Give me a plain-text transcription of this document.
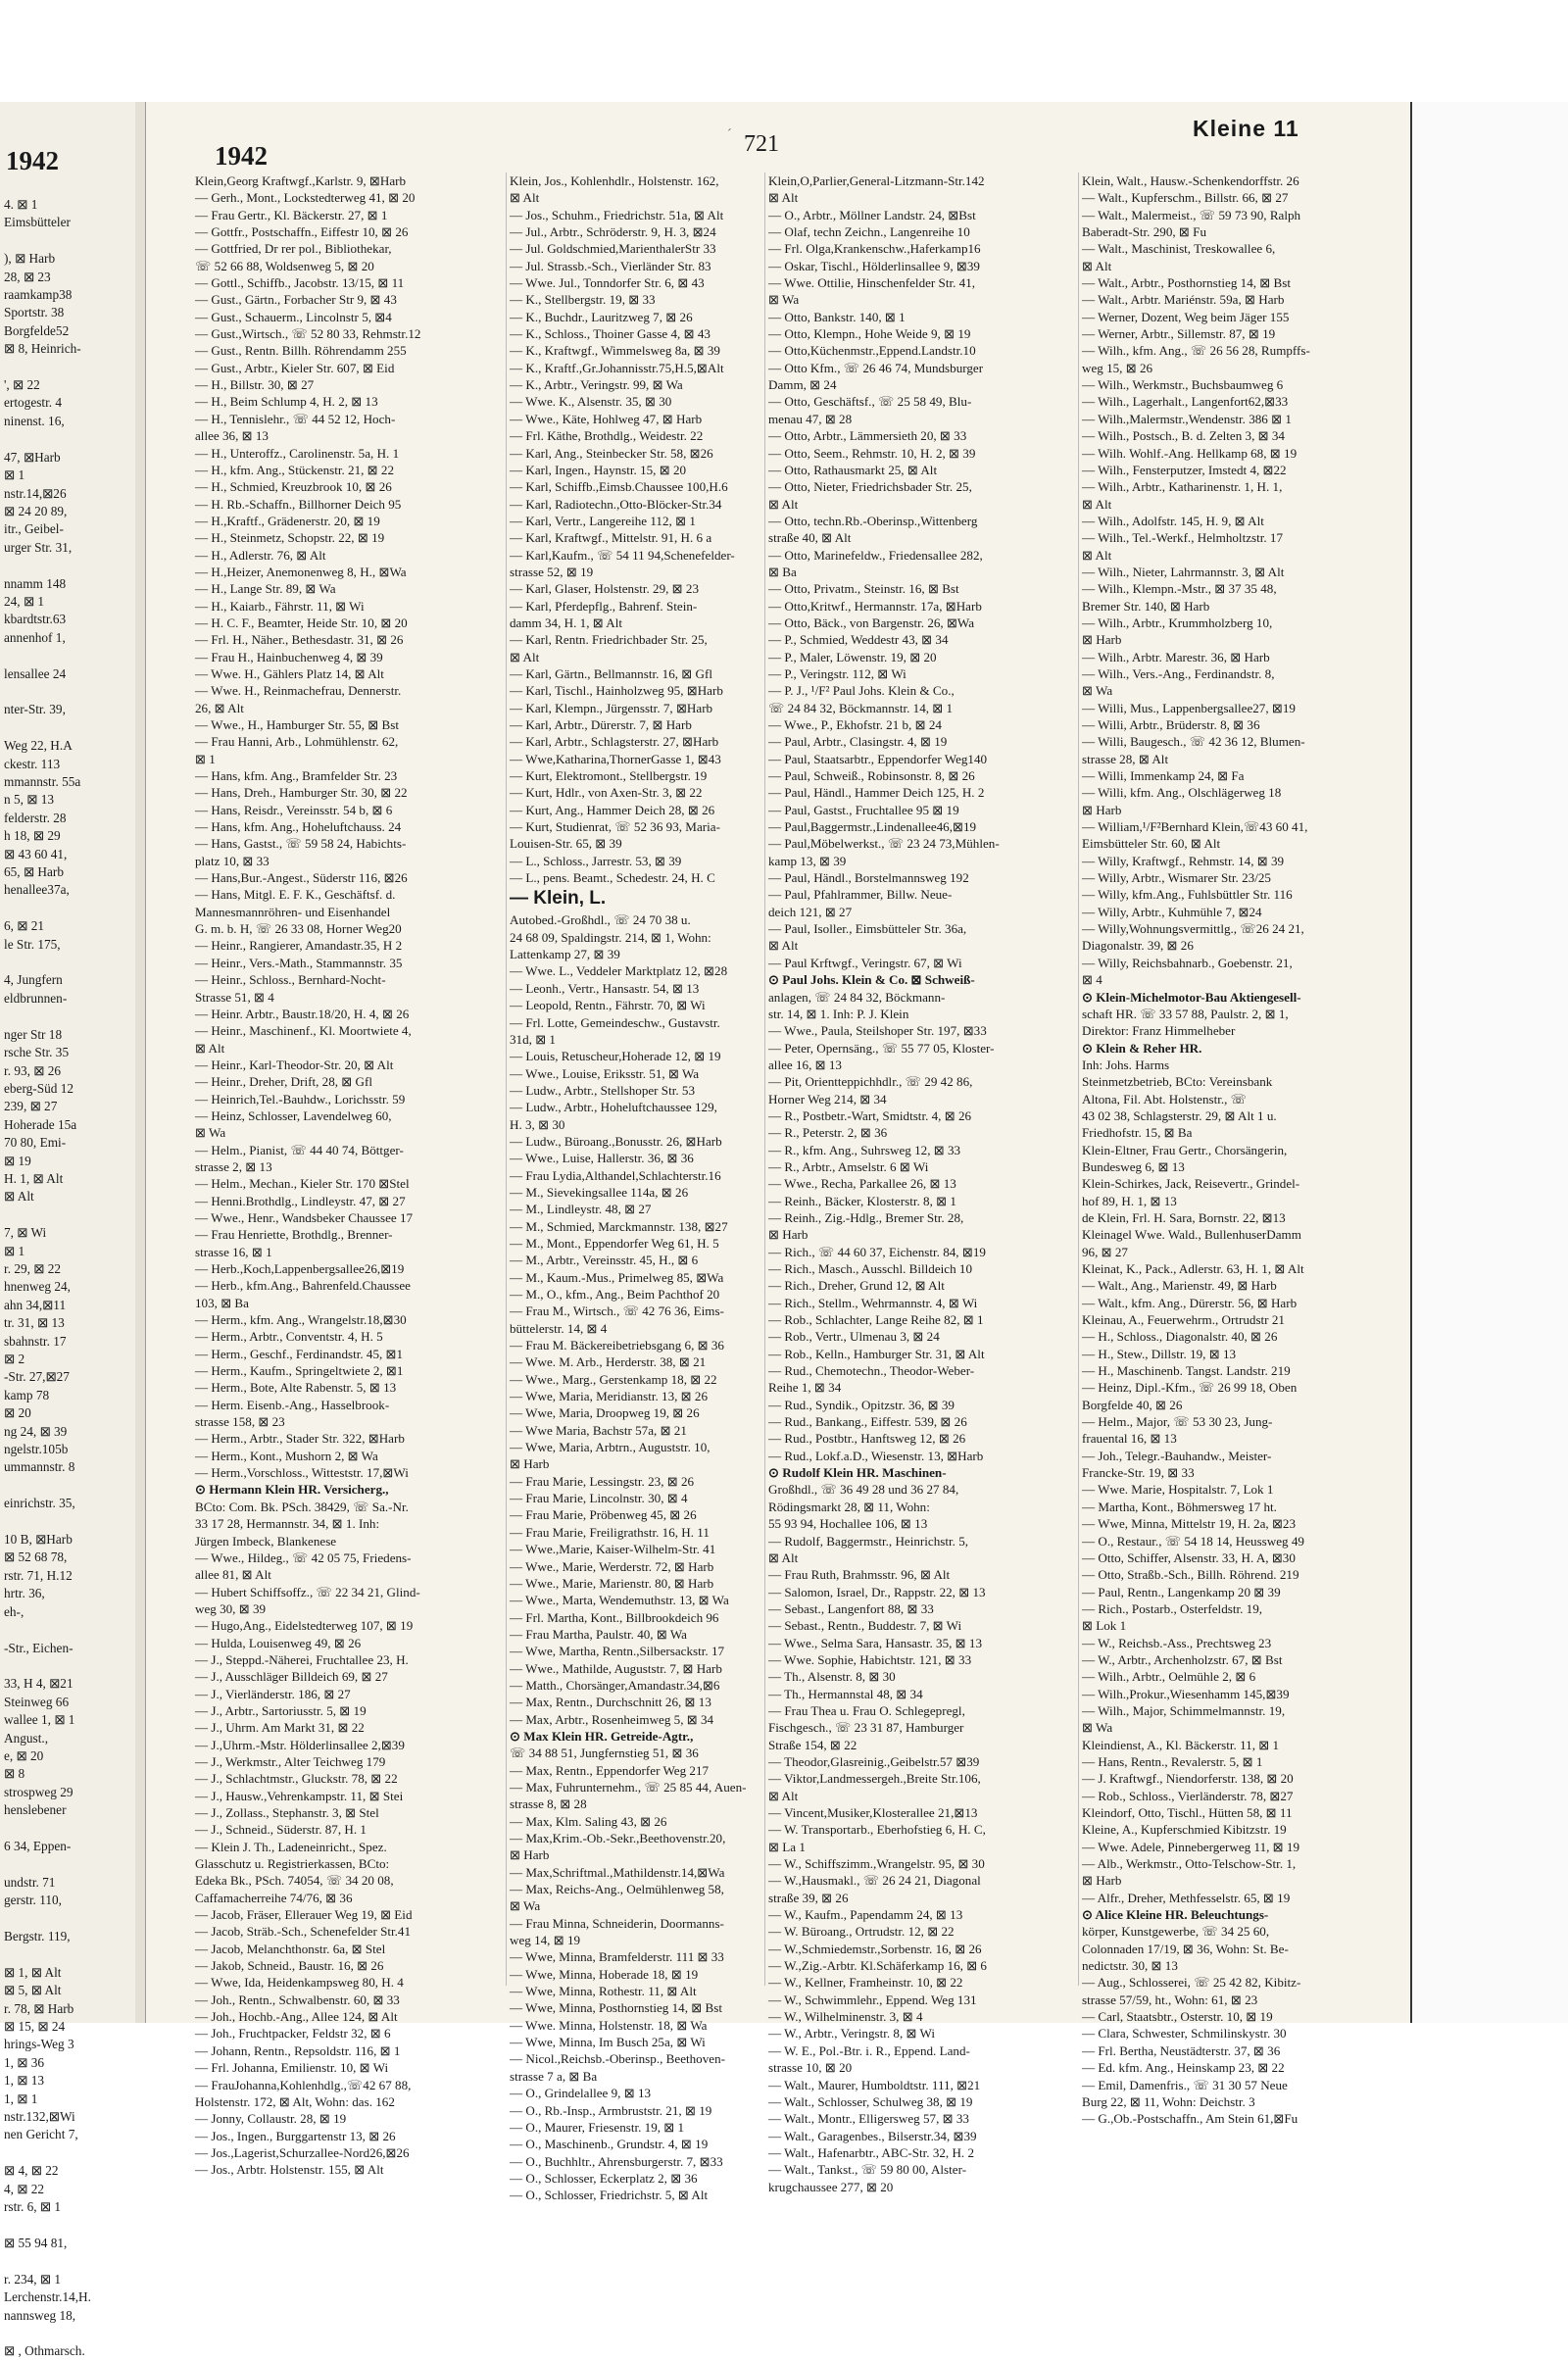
1942
4. ⊠ 1
Eimsbütteler

), ⊠ Harb
28, ⊠ 23
raamkamp38
Sportstr. 38
Borgfelde52
⊠ 8, Heinrich-

', ⊠ 22
ertogestr. 4
ninenst. 16,

47, ⊠Harb
⊠ 1
nstr.14,⊠26
⊠ 24 20 89,
itr., Geibel-
urger Str. 31,

nnamm 148
24, ⊠ 1
kbardtstr.63
annenhof 1,

lensallee 24

nter-Str. 39,

Weg 22, H.A
ckestr. 113
mmannstr. 55a
n 5, ⊠ 13
felderstr. 28
h 18, ⊠ 29
⊠ 43 60 41,
65, ⊠ Harb
henallee37a,

6, ⊠ 21
le Str. 175,

4, Jungfern
eldbrunnen-

nger Str 18
rsche Str. 35
r. 93, ⊠ 26
eberg-Süd 12
239, ⊠ 27
Hoherade 15a
70 80, Emi-
⊠ 19
H. 1, ⊠ Alt
⊠ Alt

7, ⊠ Wi
⊠ 1
r. 29, ⊠ 22
hnenweg 24,
ahn 34,⊠11
tr. 31, ⊠ 13
sbahnstr. 17
⊠ 2
-Str. 27,⊠27
kamp 78
⊠ 20
ng 24, ⊠ 39
ngelstr.105b
ummannstr. 8

einrichstr. 35,

10 B, ⊠Harb
⊠ 52 68 78,
rstr. 71, H.12
hrtr. 36,
eh-,

-Str., Eichen-

33, H 4, ⊠21
Steinweg 66
wallee 1, ⊠ 1
Angust.,
e, ⊠ 20
⊠ 8
strospweg 29
henslebener

6 34, Eppen-

undstr. 71
gerstr. 110,

Bergstr. 119,

⊠ 1, ⊠ Alt
⊠ 5, ⊠ Alt
r. 78, ⊠ Harb
⊠ 15, ⊠ 24
hrings-Weg 3
1, ⊠ 36
1, ⊠ 13
1, ⊠ 1
nstr.132,⊠Wi
nen Gericht 7,

⊠ 4, ⊠ 22
4, ⊠ 22
rstr. 6, ⊠ 1

⊠ 55 94 81,

r. 234, ⊠ 1
Lerchenstr.14,H.
nannsweg 18,

⊠ , Othmarsch.
1942
´ 721
Kleine 11
Klein,Georg Kraftwgf.,Karlstr. 9, ⊠Harb
— Gerh., Mont., Lockstedterweg 41, ⊠ 20
— Frau Gertr., Kl. Bäckerstr. 27, ⊠ 1
— Gottfr., Postschaffn., Eiffestr 10, ⊠ 26
— Gottfried, Dr rer pol., Bibliothekar,
☏ 52 66 88, Woldsenweg 5, ⊠ 20
— Gottl., Schiffb., Jacobstr. 13/15, ⊠ 11
— Gust., Gärtn., Forbacher Str 9, ⊠ 43
— Gust., Schauerm., Lincolnstr 5, ⊠4
— Gust.,Wirtsch., ☏ 52 80 33, Rehmstr.12
— Gust., Rentn. Billh. Röhrendamm 255
— Gust., Arbtr., Kieler Str. 607, ⊠ Eid
— H., Billstr. 30, ⊠ 27
— H., Beim Schlump 4, H. 2, ⊠ 13
— H., Tennislehr., ☏ 44 52 12, Hoch-
allee 36, ⊠ 13
— H., Unteroffz., Carolinenstr. 5a, H. 1
— H., kfm. Ang., Stückenstr. 21, ⊠ 22
— H., Schmied, Kreuzbrook 10, ⊠ 26
— H. Rb.-Schaffn., Billhorner Deich 95
— H.,Kraftf., Grädenerstr. 20, ⊠ 19
— H., Steinmetz, Schopstr. 22, ⊠ 19
— H., Adlerstr. 76, ⊠ Alt
— H.,Heizer, Anemonenweg 8, H., ⊠Wa
— H., Lange Str. 89, ⊠ Wa
— H., Kaiarb., Fährstr. 11, ⊠ Wi
— H. C. F., Beamter, Heide Str. 10, ⊠ 20
— Frl. H., Näher., Bethesdastr. 31, ⊠ 26
— Frau H., Hainbuchenweg 4, ⊠ 39
— Wwe. H., Gählers Platz 14, ⊠ Alt
— Wwe. H., Reinmachefrau, Dennerstr.
26, ⊠ Alt
— Wwe., H., Hamburger Str. 55, ⊠ Bst
— Frau Hanni, Arb., Lohmühlenstr. 62,
⊠ 1
— Hans, kfm. Ang., Bramfelder Str. 23
— Hans, Dreh., Hamburger Str. 30, ⊠ 22
— Hans, Reisdr., Vereinsstr. 54 b, ⊠ 6
— Hans, kfm. Ang., Hoheluftchauss. 24
— Hans, Gastst., ☏ 59 58 24, Habichts-
platz 10, ⊠ 33
— Hans,Bur.-Angest., Süderstr 116, ⊠26
— Hans, Mitgl. E. F. K., Geschäftsf. d.
Mannesmannröhren- und Eisenhandel
G. m. b. H, ☏ 26 33 08, Horner Weg20
— Heinr., Rangierer, Amandastr.35, H 2
— Heinr., Vers.-Math., Stammannstr. 35
— Heinr., Schloss., Bernhard-Nocht-
Strasse 51, ⊠ 4
— Heinr. Arbtr., Baustr.18/20, H. 4, ⊠ 26
— Heinr., Maschinenf., Kl. Moortwiete 4,
⊠ Alt
— Heinr., Karl-Theodor-Str. 20, ⊠ Alt
— Heinr., Dreher, Drift, 28, ⊠ Gfl
— Heinrich,Tel.-Bauhdw., Lorichsstr. 59
— Heinz, Schlosser, Lavendelweg 60,
⊠ Wa
— Helm., Pianist, ☏ 44 40 74, Böttger-
strasse 2, ⊠ 13
— Helm., Mechan., Kieler Str. 170 ⊠Stel
— Henni.Brothdlg., Lindleystr. 47, ⊠ 27
— Wwe., Henr., Wandsbeker Chaussee 17
— Frau Henriette, Brothdlg., Brenner-
strasse 16, ⊠ 1
— Herb.,Koch,Lappenbergsallee26,⊠19
— Herb., kfm.Ang., Bahrenfeld.Chaussee
103, ⊠ Ba
— Herm., kfm. Ang., Wrangelstr.18,⊠30
— Herm., Arbtr., Conventstr. 4, H. 5
— Herm., Geschf., Ferdinandstr. 45, ⊠1
— Herm., Kaufm., Springeltwiete 2, ⊠1
— Herm., Bote, Alte Rabenstr. 5, ⊠ 13
— Herm. Eisenb.-Ang., Hasselbrook-
strasse 158, ⊠ 23
— Herm., Arbtr., Stader Str. 322, ⊠Harb
— Herm., Kont., Mushorn 2, ⊠ Wa
— Herm.,Vorschloss., Witteststr. 17,⊠Wi
⊙ Hermann Klein HR. Versicherg.,
BCto: Com. Bk. PSch. 38429, ☏ Sa.-Nr.
33 17 28, Hermannstr. 34, ⊠ 1. Inh:
Jürgen Imbeck, Blankenese
— Wwe., Hildeg., ☏ 42 05 75, Friedens-
allee 81, ⊠ Alt
— Hubert Schiffsoffz., ☏ 22 34 21, Glind-
weg 30, ⊠ 39
— Hugo,Ang., Eidelstedterweg 107, ⊠ 19
— Hulda, Louisenweg 49, ⊠ 26
— J., Steppd.-Näherei, Fruchtallee 23, H.
— J., Ausschläger Billdeich 69, ⊠ 27
— J., Vierländerstr. 186, ⊠ 27
— J., Arbtr., Sartoriusstr. 5, ⊠ 19
— J., Uhrm. Am Markt 31, ⊠ 22
— J.,Uhrm.-Mstr. Hölderlinsallee 2,⊠39
— J., Werkmstr., Alter Teichweg 179
— J., Schlachtmstr., Gluckstr. 78, ⊠ 22
— J., Hausw.,Vehrenkampstr. 11, ⊠ Stei
— J., Zollass., Stephanstr. 3, ⊠ Stel
— J., Schneid., Süderstr. 87, H. 1
— Klein J. Th., Ladeneinricht., Spez.
Glasschutz u. Registrierkassen, BCto:
Edeka Bk., PSch. 74054, ☏ 34 20 08,
Caffamacherreihe 74/76, ⊠ 36
— Jacob, Fräser, Ellerauer Weg 19, ⊠ Eid
— Jacob, Sträb.-Sch., Schenefelder Str.41
— Jacob, Melanchthonstr. 6a, ⊠ Stel
— Jakob, Schneid., Baustr. 16, ⊠ 26
— Wwe, Ida, Heidenkampsweg 80, H. 4
— Joh., Rentn., Schwalbenstr. 60, ⊠ 33
— Joh., Hochb.-Ang., Allee 124, ⊠ Alt
— Joh., Fruchtpacker, Feldstr 32, ⊠ 6
— Johann, Rentn., Repsoldstr. 116, ⊠ 1
— Frl. Johanna, Emilienstr. 10, ⊠ Wi
— FrauJohanna,Kohlenhdlg.,☏42 67 88,
Holstenstr. 172, ⊠ Alt, Wohn: das. 162
— Jonny, Collaustr. 28, ⊠ 19
— Jos., Ingen., Burggartenstr 13, ⊠ 26
— Jos.,Lagerist,Schurzallee-Nord26,⊠26
— Jos., Arbtr. Holstenstr. 155, ⊠ Alt
Klein, Jos., Kohlenhdlr., Holstenstr. 162,
⊠ Alt
— Jos., Schuhm., Friedrichstr. 51a, ⊠ Alt
— Jul., Arbtr., Schröderstr. 9, H. 3, ⊠24
— Jul. Goldschmied,MarienthalerStr 33
— Jul. Strassb.-Sch., Vierländer Str. 83
— Wwe. Jul., Tonndorfer Str. 6, ⊠ 43
— K., Stellbergstr. 19, ⊠ 33
— K., Buchdr., Lauritzweg 7, ⊠ 26
— K., Schloss., Thoiner Gasse 4, ⊠ 43
— K., Kraftwgf., Wimmelsweg 8a, ⊠ 39
— K., Kraftf.,Gr.Johannisstr.75,H.5,⊠Alt
— K., Arbtr., Veringstr. 99, ⊠ Wa
— Wwe. K., Alsenstr. 35, ⊠ 30
— Wwe., Käte, Hohlweg 47, ⊠ Harb
— Frl. Käthe, Brothdlg., Weidestr. 22
— Karl, Ang., Steinbecker Str. 58, ⊠26
— Karl, Ingen., Haynstr. 15, ⊠ 20
— Karl, Schiffb.,Eimsb.Chaussee 100,H.6
— Karl, Radiotechn.,Otto-Blöcker-Str.34
— Karl, Vertr., Langereihe 112, ⊠ 1
— Karl, Kraftwgf., Mittelstr. 91, H. 6 a
— Karl,Kaufm., ☏ 54 11 94,Schenefelder-
strasse 52, ⊠ 19
— Karl, Glaser, Holstenstr. 29, ⊠ 23
— Karl, Pferdepflg., Bahrenf. Stein-
damm 34, H. 1, ⊠ Alt
— Karl, Rentn. Friedrichbader Str. 25,
⊠ Alt
— Karl, Gärtn., Bellmannstr. 16, ⊠ Gfl
— Karl, Tischl., Hainholzweg 95, ⊠Harb
— Karl, Klempn., Jürgensstr. 7, ⊠Harb
— Karl, Arbtr., Dürerstr. 7, ⊠ Harb
— Karl, Arbtr., Schlagsterstr. 27, ⊠Harb
— Wwe,Katharina,ThornerGasse 1, ⊠43
— Kurt, Elektromont., Stellbergstr. 19
— Kurt, Hdlr., von Axen-Str. 3, ⊠ 22
— Kurt, Ang., Hammer Deich 28, ⊠ 26
— Kurt, Studienrat, ☏ 52 36 93, Maria-
Louisen-Str. 65, ⊠ 39
— L., Schloss., Jarrestr. 53, ⊠ 39
— L., pens. Beamt., Schedestr. 24, H. C
— Klein, L.
Autobed.-Großhdl., ☏ 24 70 38 u.
24 68 09, Spaldingstr. 214, ⊠ 1, Wohn:
Lattenkamp 27, ⊠ 39
— Wwe. L., Veddeler Marktplatz 12, ⊠28
— Leonh., Vertr., Hansastr. 54, ⊠ 13
— Leopold, Rentn., Fährstr. 70, ⊠ Wi
— Frl. Lotte, Gemeindeschw., Gustavstr.
31d, ⊠ 1
— Louis, Retuscheur,Hoherade 12, ⊠ 19
— Wwe., Louise, Eriksstr. 51, ⊠ Wa
— Ludw., Arbtr., Stellshoper Str. 53
— Ludw., Arbtr., Hoheluftchaussee 129,
H. 3, ⊠ 30
— Ludw., Büroang.,Bonusstr. 26, ⊠Harb
— Wwe., Luise, Hallerstr. 36, ⊠ 36
— Frau Lydia,Althandel,Schlachterstr.16
— M., Sievekingsallee 114a, ⊠ 26
— M., Lindleystr. 48, ⊠ 27
— M., Schmied, Marckmannstr. 138, ⊠27
— M., Mont., Eppendorfer Weg 61, H. 5
— M., Arbtr., Vereinsstr. 45, H., ⊠ 6
— M., Kaum.-Mus., Primelweg 85, ⊠Wa
— M., O., kfm., Ang., Beim Pachthof 20
— Frau M., Wirtsch., ☏ 42 76 36, Eims-
büttelerstr. 14, ⊠ 4
— Frau M. Bäckereibetriebsgang 6, ⊠ 36
— Wwe. M. Arb., Herderstr. 38, ⊠ 21
— Wwe., Marg., Gerstenkamp 18, ⊠ 22
— Wwe, Maria, Meridianstr. 13, ⊠ 26
— Wwe, Maria, Droopweg 19, ⊠ 26
— Wwe Maria, Bachstr 57a, ⊠ 21
— Wwe, Maria, Arbtrn., Auguststr. 10,
⊠ Harb
— Frau Marie, Lessingstr. 23, ⊠ 26
— Frau Marie, Lincolnstr. 30, ⊠ 4
— Frau Marie, Pröbenweg 45, ⊠ 26
— Frau Marie, Freiligrathstr. 16, H. 11
— Wwe.,Marie, Kaiser-Wilhelm-Str. 41
— Wwe., Marie, Werderstr. 72, ⊠ Harb
— Wwe., Marie, Marienstr. 80, ⊠ Harb
— Wwe., Marta, Wendemuthstr. 13, ⊠ Wa
— Frl. Martha, Kont., Billbrookdeich 96
— Frau Martha, Paulstr. 40, ⊠ Wa
— Wwe, Martha, Rentn.,Silbersackstr. 17
— Wwe., Mathilde, Auguststr. 7, ⊠ Harb
— Matth., Chorsänger,Amandastr.34,⊠6
— Max, Rentn., Durchschnitt 26, ⊠ 13
— Max, Arbtr., Rosenheimweg 5, ⊠ 34
⊙ Max Klein HR. Getreide-Agtr.,
☏ 34 88 51, Jungfernstieg 51, ⊠ 36
— Max, Rentn., Eppendorfer Weg 217
— Max, Fuhrunternehm., ☏ 25 85 44, Auen-
strasse 8, ⊠ 28
— Max, Klm. Saling 43, ⊠ 26
— Max,Krim.-Ob.-Sekr.,Beethovenstr.20,
⊠ Harb
— Max,Schriftmal.,Mathildenstr.14,⊠Wa
— Max, Reichs-Ang., Oelmühlenweg 58,
⊠ Wa
— Frau Minna, Schneiderin, Doormanns-
weg 14, ⊠ 19
— Wwe, Minna, Bramfelderstr. 111 ⊠ 33
— Wwe, Minna, Hoberade 18, ⊠ 19
— Wwe, Minna, Rothestr. 11, ⊠ Alt
— Wwe, Minna, Posthornstieg 14, ⊠ Bst
— Wwe. Minna, Holstenstr. 18, ⊠ Wa
— Wwe, Minna, Im Busch 25a, ⊠ Wi
— Nicol.,Reichsb.-Oberinsp., Beethoven-
strasse 7 a, ⊠ Ba
— O., Grindelallee 9, ⊠ 13
— O., Rb.-Insp., Armbruststr. 21, ⊠ 19
— O., Maurer, Friesenstr. 19, ⊠ 1
— O., Maschinenb., Grundstr. 4, ⊠ 19
— O., Buchhltr., Ahrensburgerstr. 7, ⊠33
— O., Schlosser, Eckerplatz 2, ⊠ 36
— O., Schlosser, Friedrichstr. 5, ⊠ Alt
Klein,O,Parlier,General-Litzmann-Str.142
⊠ Alt
— O., Arbtr., Möllner Landstr. 24, ⊠Bst
— Olaf, techn Zeichn., Langenreihe 10
— Frl. Olga,Krankenschw.,Haferkamp16
— Oskar, Tischl., Hölderlinsallee 9, ⊠39
— Wwe. Ottilie, Hinschenfelder Str. 41,
⊠ Wa
— Otto, Bankstr. 140, ⊠ 1
— Otto, Klempn., Hohe Weide 9, ⊠ 19
— Otto,Küchenmstr.,Eppend.Landstr.10
— Otto Kfm., ☏ 26 46 74, Mundsburger
Damm, ⊠ 24
— Otto, Geschäftsf., ☏ 25 58 49, Blu-
menau 47, ⊠ 28
— Otto, Arbtr., Lämmersieth 20, ⊠ 33
— Otto, Seem., Rehmstr. 10, H. 2, ⊠ 39
— Otto, Rathausmarkt 25, ⊠ Alt
— Otto, Nieter, Friedrichsbader Str. 25,
⊠ Alt
— Otto, techn.Rb.-Oberinsp.,Wittenberg
straße 40, ⊠ Alt
— Otto, Marinefeldw., Friedensallee 282,
⊠ Ba
— Otto, Privatm., Steinstr. 16, ⊠ Bst
— Otto,Kritwf., Hermannstr. 17a, ⊠Harb
— Otto, Bäck., von Bargenstr. 26, ⊠Wa
— P., Schmied, Weddestr 43, ⊠ 34
— P., Maler, Löwenstr. 19, ⊠ 20
— P., Veringstr. 112, ⊠ Wi
— P. J., ¹/F² Paul Johs. Klein & Co.,
☏ 24 84 32, Böckmannstr. 14, ⊠ 1
— Wwe., P., Ekhofstr. 21 b, ⊠ 24
— Paul, Arbtr., Clasingstr. 4, ⊠ 19
— Paul, Staatsarbtr., Eppendorfer Weg140
— Paul, Schweiß., Robinsonstr. 8, ⊠ 26
— Paul, Händl., Hammer Deich 125, H. 2
— Paul, Gastst., Fruchtallee 95 ⊠ 19
— Paul,Baggermstr.,Lindenallee46,⊠19
— Paul,Möbelwerkst., ☏ 23 24 73,Mühlen-
kamp 13, ⊠ 39
— Paul, Händl., Borstelmannsweg 192
— Paul, Pfahlrammer, Billw. Neue-
deich 121, ⊠ 27
— Paul, Isoller., Eimsbütteler Str. 36a,
⊠ Alt
— Paul Krftwgf., Veringstr. 67, ⊠ Wi
⊙ Paul Johs. Klein & Co. ⊠ Schweiß-
anlagen, ☏ 24 84 32, Böckmann-
str. 14, ⊠ 1. Inh: P. J. Klein
— Wwe., Paula, Steilshoper Str. 197, ⊠33
— Peter, Opernsäng., ☏ 55 77 05, Kloster-
allee 16, ⊠ 13
— Pit, Orientteppichhdlr., ☏ 29 42 86,
Horner Weg 214, ⊠ 34
— R., Postbetr.-Wart, Smidtstr. 4, ⊠ 26
— R., Peterstr. 2, ⊠ 36
— R., kfm. Ang., Suhrsweg 12, ⊠ 33
— R., Arbtr., Amselstr. 6 ⊠ Wi
— Wwe., Recha, Parkallee 26, ⊠ 13
— Reinh., Bäcker, Klosterstr. 8, ⊠ 1
— Reinh., Zig.-Hdlg., Bremer Str. 28,
⊠ Harb
— Rich., ☏ 44 60 37, Eichenstr. 84, ⊠19
— Rich., Masch., Ausschl. Billdeich 10
— Rich., Dreher, Grund 12, ⊠ Alt
— Rich., Stellm., Wehrmannstr. 4, ⊠ Wi
— Rob., Schlachter, Lange Reihe 82, ⊠ 1
— Rob., Vertr., Ulmenau 3, ⊠ 24
— Rob., Kelln., Hamburger Str. 31, ⊠ Alt
— Rud., Chemotechn., Theodor-Weber-
Reihe 1, ⊠ 34
— Rud., Syndik., Opitzstr. 36, ⊠ 39
— Rud., Bankang., Eiffestr. 539, ⊠ 26
— Rud., Postbtr., Hanftsweg 12, ⊠ 26
— Rud., Lokf.a.D., Wiesenstr. 13, ⊠Harb
⊙ Rudolf Klein HR. Maschinen-
Großhdl., ☏ 36 49 28 und 36 27 84,
Rödingsmarkt 28, ⊠ 11, Wohn:
55 93 94, Hochallee 106, ⊠ 13
— Rudolf, Baggermstr., Heinrichstr. 5,
⊠ Alt
— Frau Ruth, Brahmsstr. 96, ⊠ Alt
— Salomon, Israel, Dr., Rappstr. 22, ⊠ 13
— Sebast., Langenfort 88, ⊠ 33
— Sebast., Rentn., Buddestr. 7, ⊠ Wi
— Wwe., Selma Sara, Hansastr. 35, ⊠ 13
— Wwe. Sophie, Habichtstr. 121, ⊠ 33
— Th., Alsenstr. 8, ⊠ 30
— Th., Hermannstal 48, ⊠ 34
— Frau Thea u. Frau O. Schlegepregl,
Fischgesch., ☏ 23 31 87, Hamburger
Straße 154, ⊠ 22
— Theodor,Glasreinig.,Geibelstr.57 ⊠39
— Viktor,Landmessergeh.,Breite Str.106,
⊠ Alt
— Vincent,Musiker,Klosterallee 21,⊠13
— W. Transportarb., Eberhofstieg 6, H. C,
⊠ La 1
— W., Schiffszimm.,Wrangelstr. 95, ⊠ 30
— W.,Hausmakl., ☏ 26 24 21, Diagonal
straße 39, ⊠ 26
— W., Kaufm., Papendamm 24, ⊠ 13
— W. Büroang., Ortrudstr. 12, ⊠ 22
— W.,Schmiedemstr.,Sorbenstr. 16, ⊠ 26
— W.,Zig.-Arbtr. Kl.Schäferkamp 16, ⊠ 6
— W., Kellner, Framheinstr. 10, ⊠ 22
— W., Schwimmlehr., Eppend. Weg 131
— W., Wilhelminenstr. 3, ⊠ 4
— W., Arbtr., Veringstr. 8, ⊠ Wi
— W. E., Pol.-Btr. i. R., Eppend. Land-
strasse 10, ⊠ 20
— Walt., Maurer, Humboldtstr. 111, ⊠21
— Walt., Schlosser, Schulweg 38, ⊠ 19
— Walt., Montr., Elligersweg 57, ⊠ 33
— Walt., Garagenbes., Bilserstr.34, ⊠39
— Walt., Hafenarbtr., ABC-Str. 32, H. 2
— Walt., Tankst., ☏ 59 80 00, Alster-
krugchaussee 277, ⊠ 20
Klein, Walt., Hausw.-Schenkendorffstr. 26
— Walt., Kupferschm., Billstr. 66, ⊠ 27
— Walt., Malermeist., ☏ 59 73 90, Ralph
Baberadt-Str. 290, ⊠ Fu
— Walt., Maschinist, Treskowallee 6,
⊠ Alt
— Walt., Arbtr., Posthornstieg 14, ⊠ Bst
— Walt., Arbtr. Mariénstr. 59a, ⊠ Harb
— Werner, Dozent, Weg beim Jäger 155
— Werner, Arbtr., Sillemstr. 87, ⊠ 19
— Wilh., kfm. Ang., ☏ 26 56 28, Rumpffs-
weg 15, ⊠ 26
— Wilh., Werkmstr., Buchsbaumweg 6
— Wilh., Lagerhalt., Langenfort62,⊠33
— Wilh.,Malermstr.,Wendenstr. 386 ⊠ 1
— Wilh., Postsch., B. d. Zelten 3, ⊠ 34
— Wilh. Wohlf.-Ang. Hellkamp 68, ⊠ 19
— Wilh., Fensterputzer, Imstedt 4, ⊠22
— Wilh., Arbtr., Katharinenstr. 1, H. 1,
⊠ Alt
— Wilh., Adolfstr. 145, H. 9, ⊠ Alt
— Wilh., Tel.-Werkf., Helmholtzstr. 17
⊠ Alt
— Wilh., Nieter, Lahrmannstr. 3, ⊠ Alt
— Wilh., Klempn.-Mstr., ⊠ 37 35 48,
Bremer Str. 140, ⊠ Harb
— Wilh., Arbtr., Krummholzberg 10,
⊠ Harb
— Wilh., Arbtr. Marestr. 36, ⊠ Harb
— Wilh., Vers.-Ang., Ferdinandstr. 8,
⊠ Wa
— Willi, Mus., Lappenbergsallee27, ⊠19
— Willi, Arbtr., Brüderstr. 8, ⊠ 36
— Willi, Baugesch., ☏ 42 36 12, Blumen-
strasse 28, ⊠ Alt
— Willi, Immenkamp 24, ⊠ Fa
— Willi, kfm. Ang., Olschlägerweg 18
⊠ Harb
— William,¹/F²Bernhard Klein,☏43 60 41,
Eimsbütteler Str. 60, ⊠ Alt
— Willy, Kraftwgf., Rehmstr. 14, ⊠ 39
— Willy, Arbtr., Wismarer Str. 23/25
— Willy, kfm.Ang., Fuhlsbüttler Str. 116
— Willy, Arbtr., Kuhmühle 7, ⊠24
— Willy,Wohnungsvermittlg., ☏26 24 21,
Diagonalstr. 39, ⊠ 26
— Willy, Reichsbahnarb., Goebenstr. 21,
⊠ 4
⊙ Klein-Michelmotor-Bau Aktiengesell-
schaft HR. ☏ 33 57 88, Paulstr. 2, ⊠ 1,
Direktor: Franz Himmelheber
⊙ Klein & Reher HR.
Inh: Johs. Harms
Steinmetzbetrieb, BCto: Vereinsbank
Altona, Fil. Abt. Holstenstr., ☏
43 02 38, Schlagsterstr. 29, ⊠ Alt 1 u.
Friedhofstr. 15, ⊠ Ba
Klein-Eltner, Frau Gertr., Chorsängerin,
Bundesweg 6, ⊠ 13
Klein-Schirkes, Jack, Reisevertr., Grindel-
hof 89, H. 1, ⊠ 13
de Klein, Frl. H. Sara, Bornstr. 22, ⊠13
Kleinagel Wwe. Wald., BullenhuserDamm
96, ⊠ 27
Kleinat, K., Pack., Adlerstr. 63, H. 1, ⊠ Alt
— Walt., Ang., Marienstr. 49, ⊠ Harb
— Walt., kfm. Ang., Dürerstr. 56, ⊠ Harb
Kleinau, A., Feuerwehrm., Ortrudstr 21
— H., Schloss., Diagonalstr. 40, ⊠ 26
— H., Stew., Dillstr. 19, ⊠ 13
— H., Maschinenb. Tangst. Landstr. 219
— Heinz, Dipl.-Kfm., ☏ 26 99 18, Oben
Borgfelde 40, ⊠ 26
— Helm., Major, ☏ 53 30 23, Jung-
frauental 16, ⊠ 13
— Joh., Telegr.-Bauhandw., Meister-
Francke-Str. 19, ⊠ 33
— Wwe. Marie, Hospitalstr. 7, Lok 1
— Martha, Kont., Böhmersweg 17 ht.
— Wwe, Minna, Mittelstr 19, H. 2a, ⊠23
— O., Restaur., ☏ 54 18 14, Heussweg 49
— Otto, Schiffer, Alsenstr. 33, H. A, ⊠30
— Otto, Straßb.-Sch., Billh. Röhrend. 219
— Paul, Rentn., Langenkamp 20 ⊠ 39
— Rich., Postarb., Osterfeldstr. 19,
⊠ Lok 1
— W., Reichsb.-Ass., Prechtsweg 23
— W., Arbtr., Archenholzstr. 67, ⊠ Bst
— Wilh., Arbtr., Oelmühle 2, ⊠ 6
— Wilh.,Prokur.,Wiesenhamm 145,⊠39
— Wilh., Major, Schimmelmannstr. 19,
⊠ Wa
Kleindienst, A., Kl. Bäckerstr. 11, ⊠ 1
— Hans, Rentn., Revalerstr. 5, ⊠ 1
— J. Kraftwgf., Niendorferstr. 138, ⊠ 20
— Rob., Schloss., Vierländerstr. 78, ⊠27
Kleindorf, Otto, Tischl., Hütten 58, ⊠ 11
Kleine, A., Kupferschmied Kibitzstr. 19
— Wwe. Adele, Pinnebergerweg 11, ⊠ 19
— Alb., Werkmstr., Otto-Telschow-Str. 1,
⊠ Harb
— Alfr., Dreher, Methfesselstr. 65, ⊠ 19
⊙ Alice Kleine HR. Beleuchtungs-
körper, Kunstgewerbe, ☏ 34 25 60,
Colonnaden 17/19, ⊠ 36, Wohn: St. Be-
nedictstr. 30, ⊠ 13
— Aug., Schlosserei, ☏ 25 42 82, Kibitz-
strasse 57/59, ht., Wohn: 61, ⊠ 23
— Carl, Staatsbtr., Osterstr. 10, ⊠ 19
— Clara, Schwester, Schmilinskystr. 30
— Frl. Bertha, Neustädterstr. 37, ⊠ 36
— Ed. kfm. Ang., Heinskamp 23, ⊠ 22
— Emil, Damenfris., ☏ 31 30 57 Neue
Burg 22, ⊠ 11, Wohn: Deichstr. 3
— G.,Ob.-Postschaffn., Am Stein 61,⊠Fu
